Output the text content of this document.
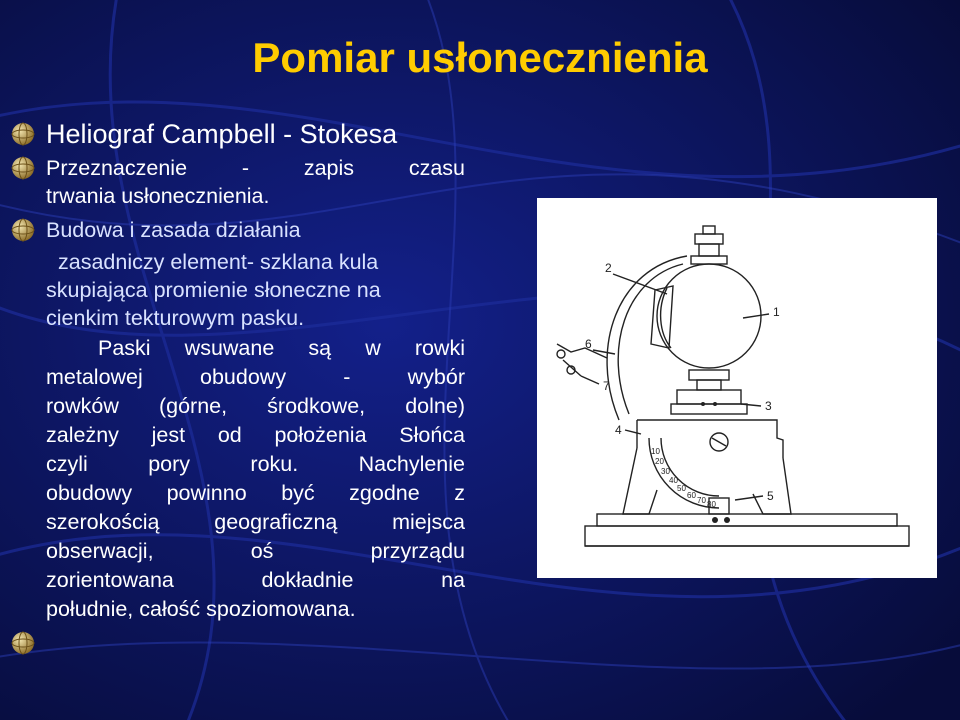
Pomiar usłonecznienia
Heliograf Campbell - Stokesa
Przeznaczenie - zapis czasu
trwania usłonecznienia.
Budowa i zasada działania
zasadniczy element- szklana kula
skupiająca promienie słoneczne na
cienkim tekturowym pasku.
Paski wsuwane są w rowki
metalowej obudowy - wybór
rowków (górne, środkowe, dolne)
zależny jest od położenia Słońca
czyli pory roku. Nachylenie
obudowy powinno być zgodne z
szerokością geograficzną miejsca
obserwacji, oś przyrządu
zorientowana dokładnie na
południe, całość spoziomowana.
2
1
6
7
3
4
5
10
20
30
40
50
60
70 80
